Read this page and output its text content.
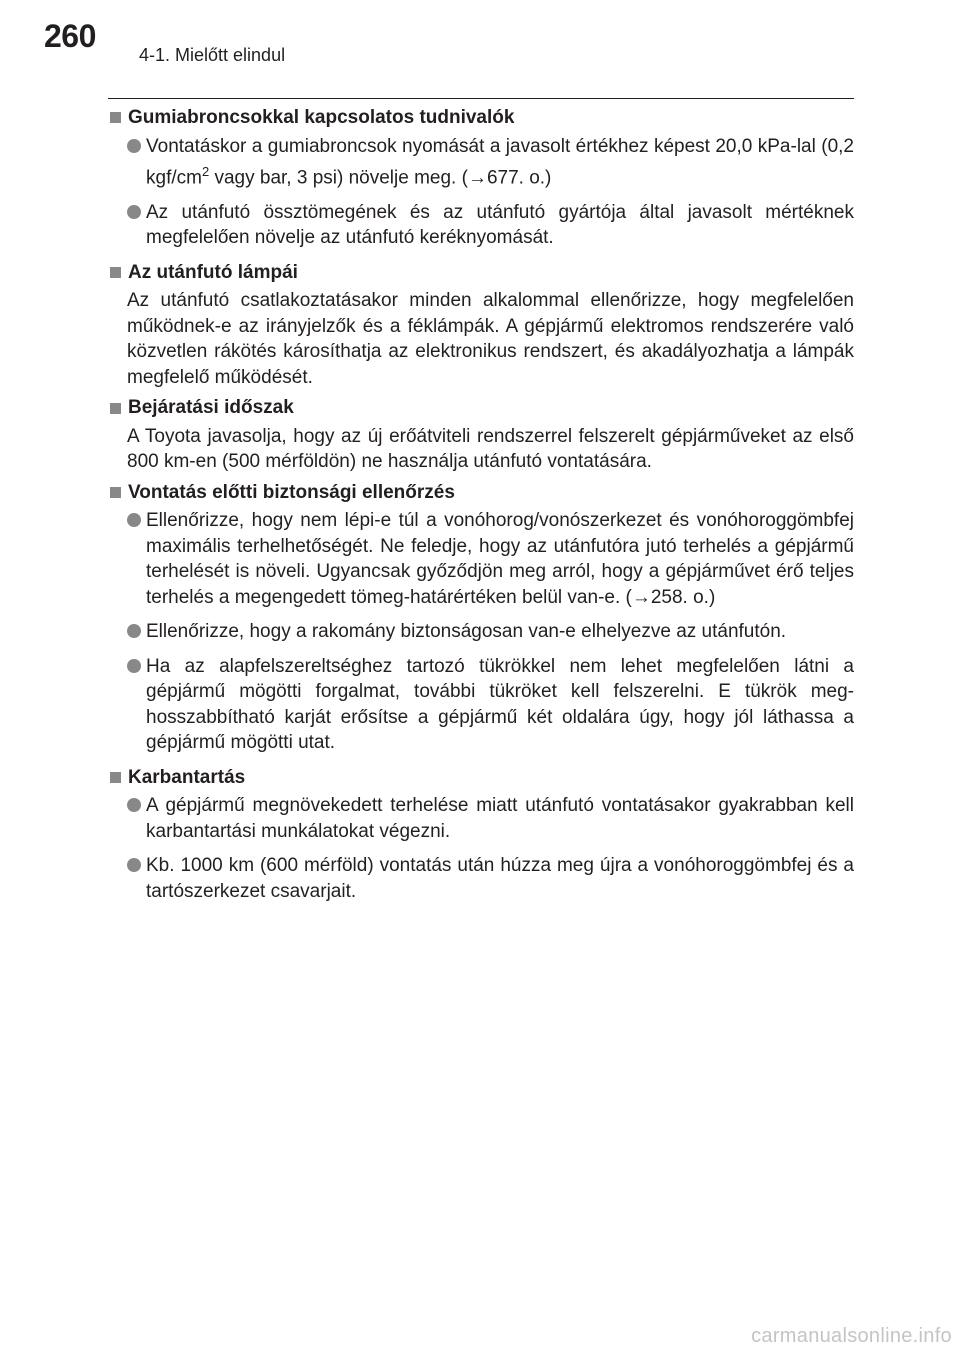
260
4-1. Mielőtt elindul
Gumiabroncsokkal kapcsolatos tudnivalók
Vontatáskor a gumiabroncsok nyomását a javasolt értékhez képest 20,0 kPa-lal (0,2 kgf/$cm^2$ vagy bar, 3 psi) növelje meg. (→677. o.)
Az utánfutó össztömegének és az utánfutó gyártója által javasolt mértéknek megfelelően növelje az utánfutó keréknyomását.
Az utánfutó lámpái
Az utánfutó csatlakoztatásakor minden alkalommal ellenőrizze, hogy megfelelően működnek-e az irányjelzők és a féklámpák. A gépjármű elektromos rendszerére való közvetlen rákötés károsíthatja az elektronikus rendszert, és akadályozhatja a lámpák megfelelő működését.
Bejáratási időszak
A Toyota javasolja, hogy az új erőátviteli rendszerrel felszerelt gépjárműveket az első 800 km-en (500 mérföldön) ne használja utánfutó vontatására.
Vontatás előtti biztonsági ellenőrzés
Ellenőrizze, hogy nem lépi-e túl a vonóhorog/vonószerkezet és vonóhoroggömbfej maximális terhelhetőségét. Ne feledje, hogy az utánfutóra jutó terhelés a gépjármű terhelését is növeli. Ugyancsak győződjön meg arról, hogy a gépjárművet érő teljes terhelés a megengedett tömeg-határértéken belül van-e. (→258. o.)
Ellenőrizze, hogy a rakomány biztonságosan van-e elhelyezve az utánfutón.
Ha az alapfelszereltséghez tartozó tükrökkel nem lehet megfelelően látni a gépjármű mögötti forgalmat, további tükröket kell felszerelni. E tükrök meghosszabbítható karját erősítse a gépjármű két oldalára úgy, hogy jól láthassa a gépjármű mögötti utat.
Karbantartás
A gépjármű megnövekedett terhelése miatt utánfutó vontatásakor gyakrabban kell karbantartási munkálatokat végezni.
Kb. 1000 km (600 mérföld) vontatás után húzza meg újra a vonóhoroggömbfej és a tartószerkezet csavarjait.
carmanualsonline.info
